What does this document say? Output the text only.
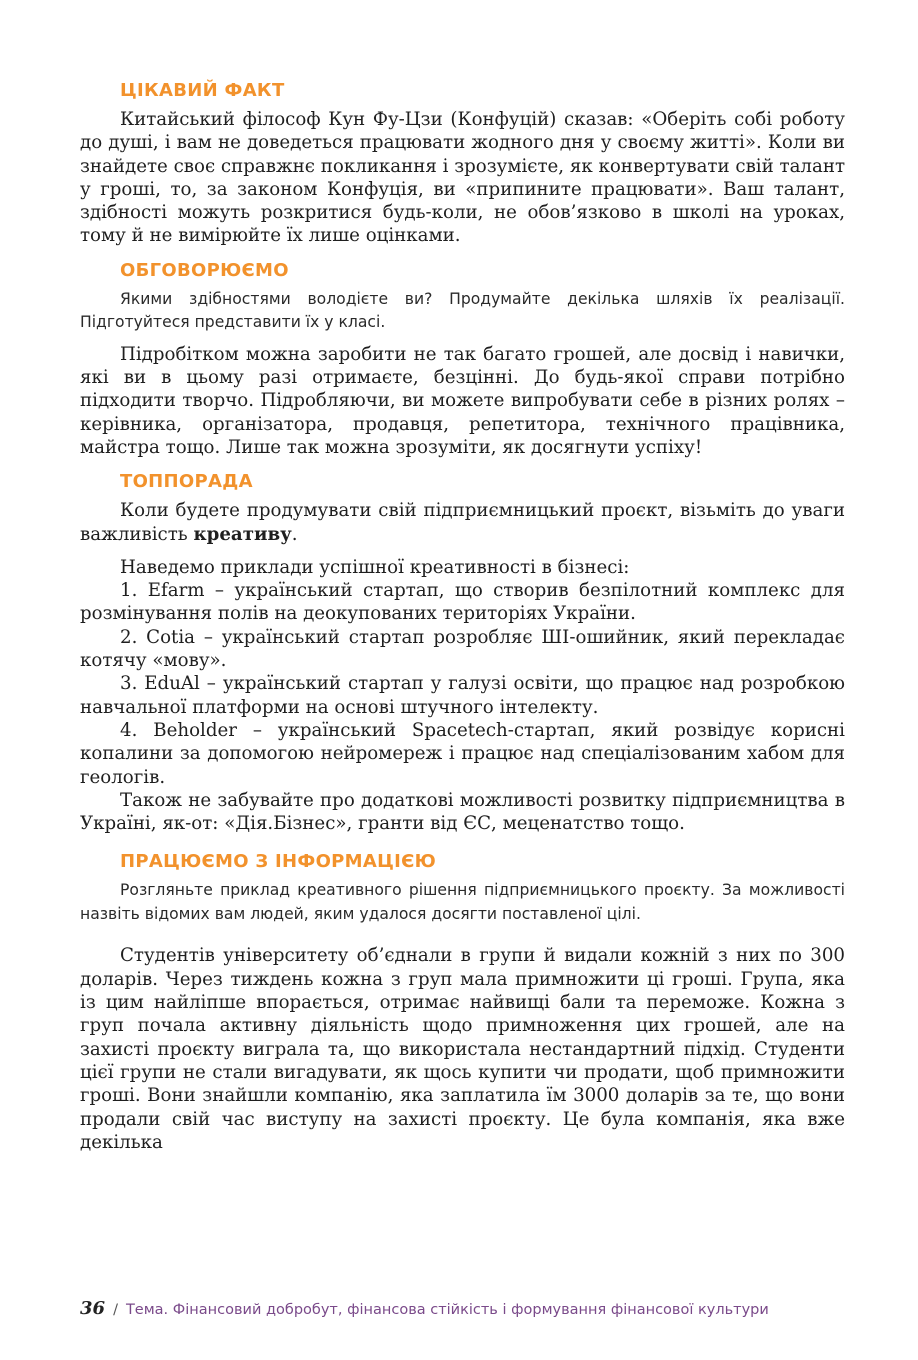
ЦІКАВИЙ ФАКТ

Китайський філософ Кун Фу-Цзи (Конфуцій) сказав: «Оберіть собі роботу до душі, і вам не доведеться працювати жодного дня у своєму житті». Коли ви знайдете своє справжнє покликання і зрозумієте, як конвертувати свій талант у гроші, то, за законом Конфуція, ви «припините працювати». Ваш талант, здібності можуть розкритися будь-коли, не обов’язково в школі на уроках, тому й не вимірюйте їх лише оцінками.

ОБГОВОРЮЄМО

Якими здібностями володієте ви? Продумайте декілька шляхів їх реалізації. Підготуйтеся представити їх у класі.

Підробітком можна заробити не так багато грошей, але досвід і навички, які ви в цьому разі отримаєте, безцінні. До будь-якої справи потрібно підходити творчо. Підробляючи, ви можете випробувати себе в різних ролях – керівника, організатора, продавця, репетитора, технічного працівника, майстра тощо. Лише так можна зрозуміти, як досягнути успіху!

ТОППОРАДА

Коли будете продумувати свій підприємницький проєкт, візьміть до уваги важливість креативу.

Наведемо приклади успішної креативності в бізнесі:

1. Efarm – український стартап, що створив безпілотний комплекс для розмінування полів на деокупованих територіях України.

2. Cotia – український стартап розробляє ШІ-ошийник, який перекладає котячу «мову».

3. EduAl – український стартап у галузі освіти, що працює над розробкою навчальної платформи на основі штучного інтелекту.

4. Beholder – український Spacetech-стартап, який розвідує корисні копалини за допомогою нейромереж і працює над спеціалізованим хабом для геологів.

Також не забувайте про додаткові можливості розвитку підприємництва в Україні, як-от: «Дія.Бізнес», гранти від ЄС, меценатство тощо.

ПРАЦЮЄМО З ІНФОРМАЦІЄЮ

Розгляньте приклад креативного рішення підприємницького проєкту. За можливості назвіть відомих вам людей, яким удалося досягти поставленої цілі.

Студентів університету об’єднали в групи й видали кожній з них по 300 доларів. Через тиждень кожна з груп мала примножити ці гроші. Група, яка із цим найліпше впорається, отримає найвищі бали та переможе. Кожна з груп почала активну діяльність щодо примноження цих грошей, але на захисті проєкту виграла та, що використала нестандартний підхід. Студенти цієї групи не стали вигадувати, як щось купити чи продати, щоб примножити гроші. Вони знайшли компанію, яка заплатила їм 3000 доларів за те, що вони продали свій час виступу на захисті проєкту. Це була компанія, яка вже декілька

36 / Тема. Фінансовий добробут, фінансова стійкість і формування фінансової культури
